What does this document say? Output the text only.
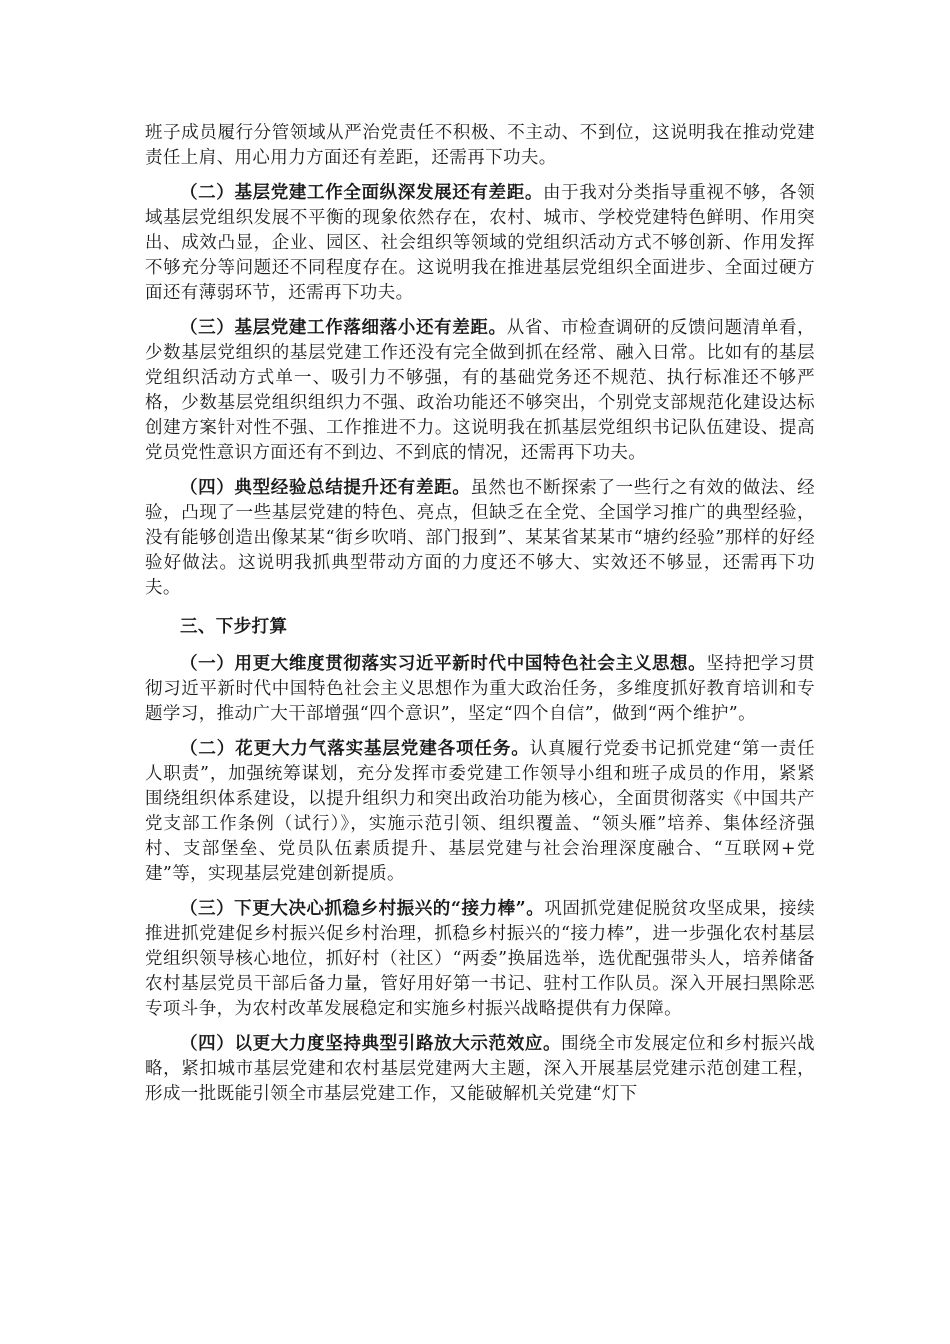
班子成员履行分管领域从严治党责任不积极、不主动、不到位，这说明我在推动党建责任上肩、用心用力方面还有差距，还需再下功夫。

（二）基层党建工作全面纵深发展还有差距。由于我对分类指导重视不够，各领域基层党组织发展不平衡的现象依然存在，农村、城市、学校党建特色鲜明、作用突出、成效凸显，企业、园区、社会组织等领域的党组织活动方式不够创新、作用发挥不够充分等问题还不同程度存在。这说明我在推进基层党组织全面进步、全面过硬方面还有薄弱环节，还需再下功夫。

（三）基层党建工作落细落小还有差距。从省、市检查调研的反馈问题清单看，少数基层党组织的基层党建工作还没有完全做到抓在经常、融入日常。比如有的基层党组织活动方式单一、吸引力不够强，有的基础党务还不规范、执行标准还不够严格，少数基层党组织组织力不强、政治功能还不够突出，个别党支部规范化建设达标创建方案针对性不强、工作推进不力。这说明我在抓基层党组织书记队伍建设、提高党员党性意识方面还有不到边、不到底的情况，还需再下功夫。

（四）典型经验总结提升还有差距。虽然也不断探索了一些行之有效的做法、经验，凸现了一些基层党建的特色、亮点，但缺乏在全党、全国学习推广的典型经验，没有能够创造出像某某“街乡吹哨、部门报到”、某某省某某市“塘约经验”那样的好经验好做法。这说明我抓典型带动方面的力度还不够大、实效还不够显，还需再下功夫。

三、下步打算

（一）用更大维度贯彻落实习近平新时代中国特色社会主义思想。坚持把学习贯彻习近平新时代中国特色社会主义思想作为重大政治任务，多维度抓好教育培训和专题学习，推动广大干部增强“四个意识”，坚定“四个自信”，做到“两个维护”。

（二）花更大力气落实基层党建各项任务。认真履行党委书记抓党建“第一责任人职责”，加强统筹谋划，充分发挥市委党建工作领导小组和班子成员的作用，紧紧围绕组织体系建设，以提升组织力和突出政治功能为核心，全面贯彻落实《中国共产党支部工作条例（试行）》，实施示范引领、组织覆盖、“领头雁”培养、集体经济强村、支部堡垒、党员队伍素质提升、基层党建与社会治理深度融合、“互联网+党建”等，实现基层党建创新提质。

（三）下更大决心抓稳乡村振兴的“接力棒”。巩固抓党建促脱贫攻坚成果，接续推进抓党建促乡村振兴促乡村治理，抓稳乡村振兴的“接力棒”，进一步强化农村基层党组织领导核心地位，抓好村（社区）“两委”换届选举，选优配强带头人，培养储备农村基层党员干部后备力量，管好用好第一书记、驻村工作队员。深入开展扫黑除恶专项斗争，为农村改革发展稳定和实施乡村振兴战略提供有力保障。

（四）以更大力度坚持典型引路放大示范效应。围绕全市发展定位和乡村振兴战略，紧扣城市基层党建和农村基层党建两大主题，深入开展基层党建示范创建工程，形成一批既能引领全市基层党建工作，又能破解机关党建“灯下
